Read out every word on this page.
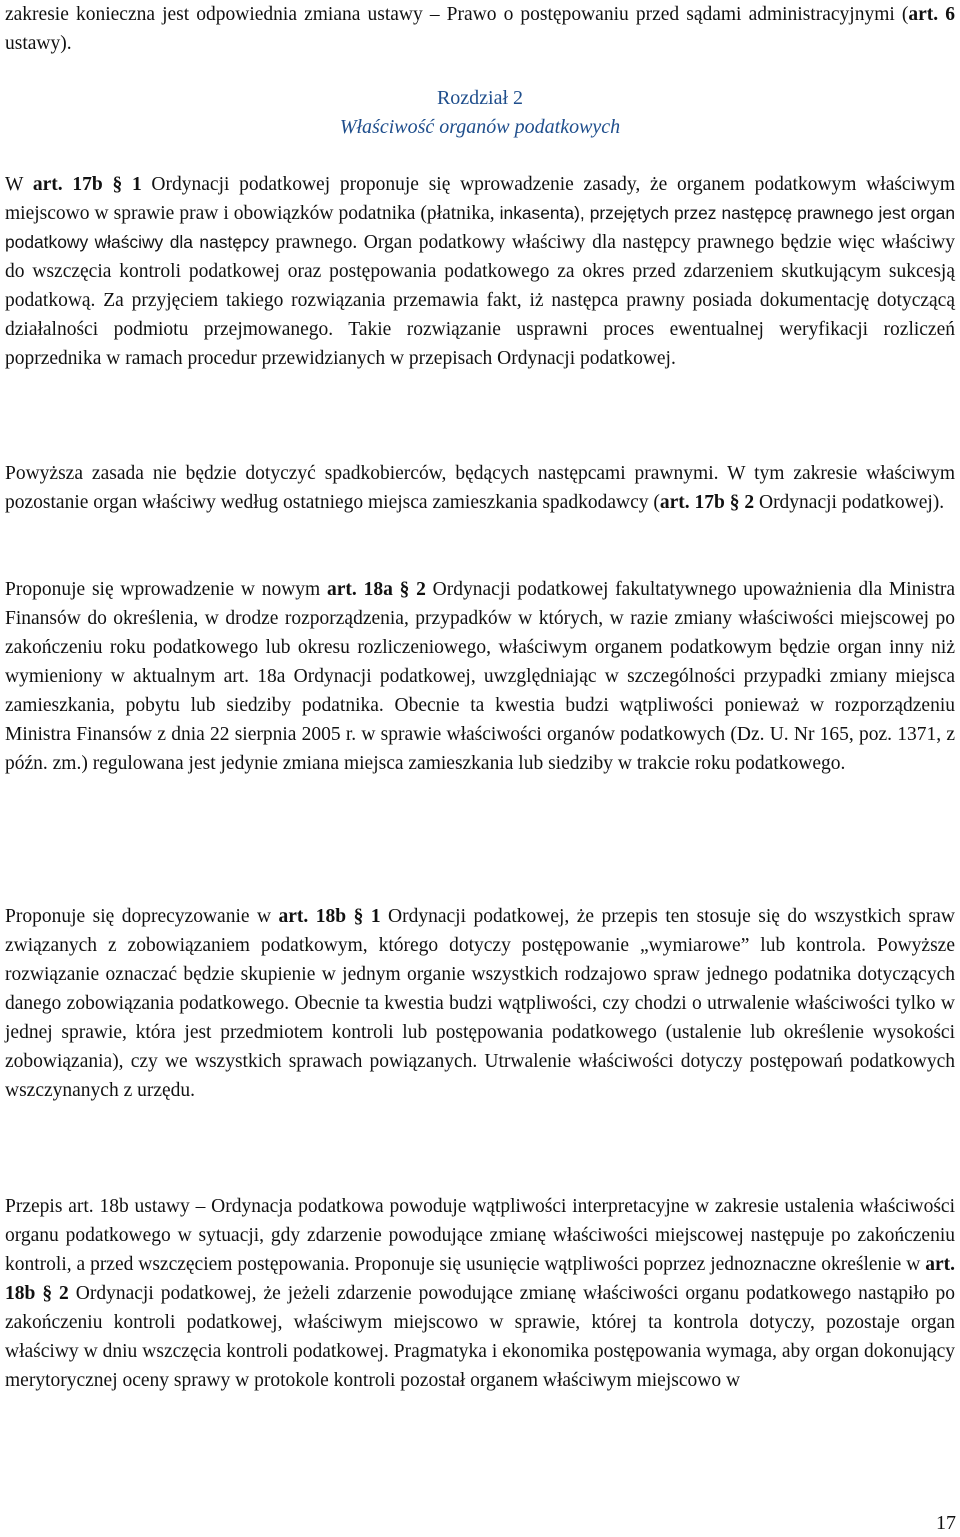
zakresie konieczna jest odpowiednia zmiana ustawy – Prawo o postępowaniu przed sądami administracyjnymi (art. 6 ustawy).

Rozdział 2
Właściwość organów podatkowych

W art. 17b § 1 Ordynacji podatkowej proponuje się wprowadzenie zasady, że organem podatkowym właściwym miejscowo w sprawie praw i obowiązków podatnika (płatnika, inkasenta), przejętych przez następcę prawnego jest organ podatkowy właściwy dla następcy prawnego. Organ podatkowy właściwy dla następcy prawnego będzie więc właściwy do wszczęcia kontroli podatkowej oraz postępowania podatkowego za okres przed zdarzeniem skutkującym sukcesją podatkową. Za przyjęciem takiego rozwiązania przemawia fakt, iż następca prawny posiada dokumentację dotyczącą działalności podmiotu przejmowanego. Takie rozwiązanie usprawni proces ewentualnej weryfikacji rozliczeń poprzednika w ramach procedur przewidzianych w przepisach Ordynacji podatkowej.

Powyższa zasada nie będzie dotyczyć spadkobierców, będących następcami prawnymi. W tym zakresie właściwym pozostanie organ właściwy według ostatniego miejsca zamieszkania spadkodawcy (art. 17b § 2 Ordynacji podatkowej).

Proponuje się wprowadzenie w nowym art. 18a § 2 Ordynacji podatkowej fakultatywnego upoważnienia dla Ministra Finansów do określenia, w drodze rozporządzenia, przypadków w których, w razie zmiany właściwości miejscowej po zakończeniu roku podatkowego lub okresu rozliczeniowego, właściwym organem podatkowym będzie organ inny niż wymieniony w aktualnym art. 18a Ordynacji podatkowej, uwzględniając w szczególności przypadki zmiany miejsca zamieszkania, pobytu lub siedziby podatnika. Obecnie ta kwestia budzi wątpliwości ponieważ w rozporządzeniu Ministra Finansów z dnia 22 sierpnia 2005 r. w sprawie właściwości organów podatkowych (Dz. U. Nr 165, poz. 1371, z późn. zm.) regulowana jest jedynie zmiana miejsca zamieszkania lub siedziby w trakcie roku podatkowego.

Proponuje się doprecyzowanie w art. 18b § 1 Ordynacji podatkowej, że przepis ten stosuje się do wszystkich spraw związanych z zobowiązaniem podatkowym, którego dotyczy postępowanie „wymiarowe” lub kontrola. Powyższe rozwiązanie oznaczać będzie skupienie w jednym organie wszystkich rodzajowo spraw jednego podatnika dotyczących danego zobowiązania podatkowego. Obecnie ta kwestia budzi wątpliwości, czy chodzi o utrwalenie właściwości tylko w jednej sprawie, która jest przedmiotem kontroli lub postępowania podatkowego (ustalenie lub określenie wysokości zobowiązania), czy we wszystkich sprawach powiązanych. Utrwalenie właściwości dotyczy postępowań podatkowych wszczynanych z urzędu.

Przepis art. 18b ustawy – Ordynacja podatkowa powoduje wątpliwości interpretacyjne w zakresie ustalenia właściwości organu podatkowego w sytuacji, gdy zdarzenie powodujące zmianę właściwości miejscowej następuje po zakończeniu kontroli, a przed wszczęciem postępowania. Proponuje się usunięcie wątpliwości poprzez jednoznaczne określenie w art. 18b § 2 Ordynacji podatkowej, że jeżeli zdarzenie powodujące zmianę właściwości organu podatkowego nastąpiło po zakończeniu kontroli podatkowej, właściwym miejscowo w sprawie, której ta kontrola dotyczy, pozostaje organ właściwy w dniu wszczęcia kontroli podatkowej. Pragmatyka i ekonomika postępowania wymaga, aby organ dokonujący merytorycznej oceny sprawy w protokole kontroli pozostał organem właściwym miejscowo w

17
